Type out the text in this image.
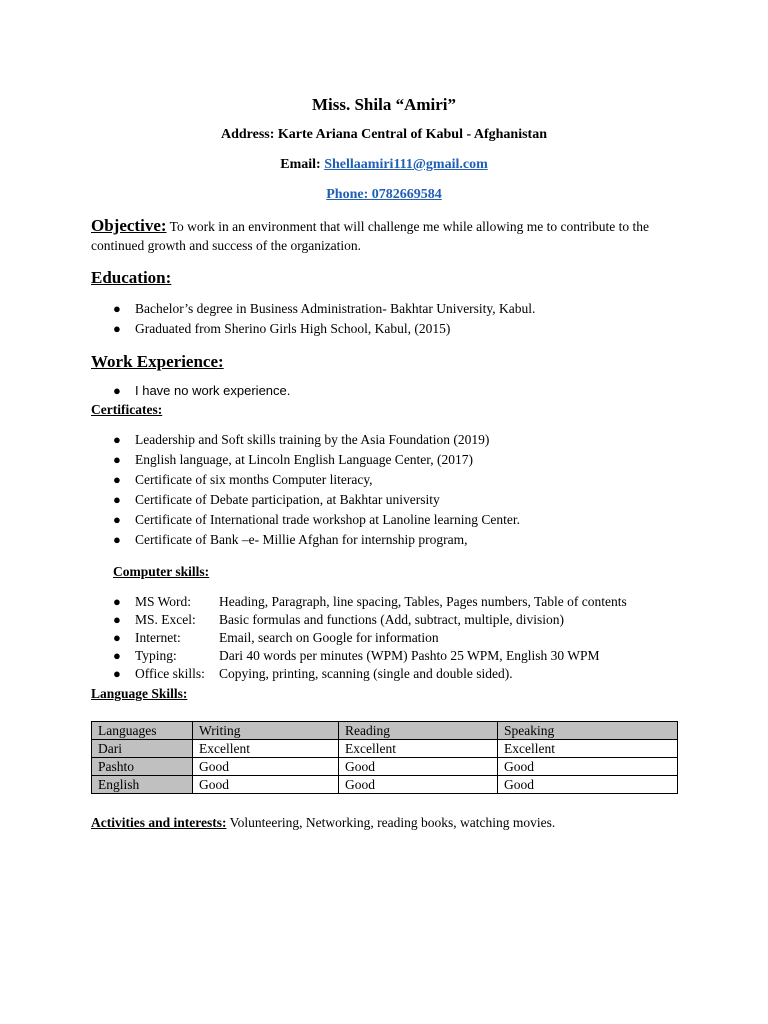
Miss. Shila “Amiri”
Address: Karte Ariana Central of Kabul - Afghanistan
Email: Shellaamiri111@gmail.com
Phone: 0782669584
Objective: To work in an environment that will challenge me while allowing me to contribute to the continued growth and success of the organization.
Education:
● Bachelor’s degree in Business Administration- Bakhtar University, Kabul.
● Graduated from Sherino Girls High School, Kabul, (2015)
Work Experience:
● I have no work experience.
Certificates:
● Leadership and Soft skills training by the Asia Foundation (2019)
● English language, at Lincoln English Language Center, (2017)
● Certificate of six months Computer literacy,
● Certificate of Debate participation, at Bakhtar university
● Certificate of International trade workshop at Lanoline learning Center.
● Certificate of Bank –e- Millie Afghan for internship program,
Computer skills:
● MS Word: Heading, Paragraph, line spacing, Tables, Pages numbers, Table of contents
● MS. Excel: Basic formulas and functions (Add, subtract, multiple, division)
● Internet:	Email, search on Google for information
● Typing:	Dari 40 words per minutes (WPM) Pashto 25 WPM, English 30 WPM
● Office skills: Copying, printing, scanning (single and double sided).
Language Skills:
Languages	Writing	Reading	Speaking
Dari	Excellent	Excellent	Excellent
Pashto	Good	Good	Good
English	Good	Good	Good
Activities and interests: Volunteering, Networking, reading books, watching movies.
